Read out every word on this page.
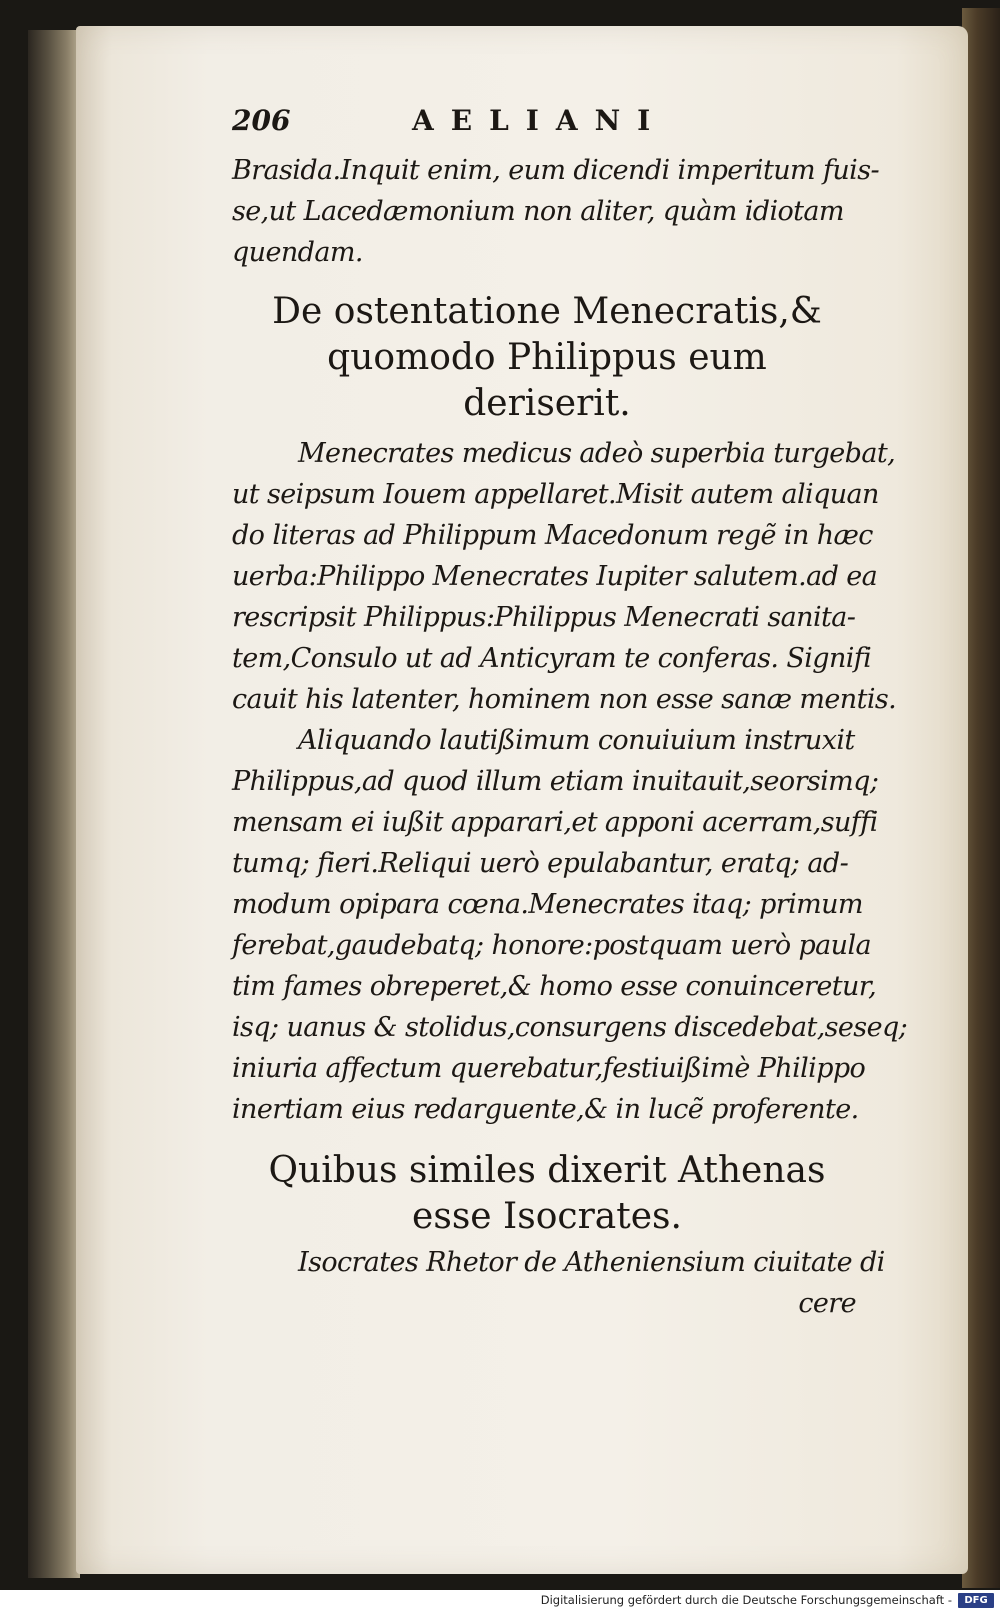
206	AELIANI
Brasida.Inquit enim, eum dicendi imperitum fuis-
se,ut Lacedæmonium non aliter, quàm idiotam
quendam.
De ostentatione Menecratis,&
quomodo Philippus eum
deriserit.
Menecrates medicus adeò superbia turgebat,
ut seipsum Iouem appellaret.Misit autem aliquan
do literas ad Philippum Macedonum regẽ in hæc
uerba:Philippo Menecrates Iupiter salutem.ad ea
rescripsit Philippus:Philippus Menecrati sanita-
tem,Consulo ut ad Anticyram te conferas. Signifi
cauit his latenter, hominem non esse sanæ mentis.
Aliquando lautißimum conuiuium instruxit
Philippus,ad quod illum etiam inuitauit,seorsimq;
mensam ei iußit apparari,et apponi acerram,suffi
tumq; fieri.Reliqui uerò epulabantur, eratq; ad-
modum opipara cœna.Menecrates itaq; primum
ferebat,gaudebatq; honore:postquam uerò paula
tim fames obreperet,& homo esse conuinceretur,
isq; uanus & stolidus,consurgens discedebat,seseq;
iniuria affectum querebatur,festiuißimè Philippo
inertiam eius redarguente,& in lucẽ proferente.
Quibus similes dixerit Athenas
esse Isocrates.
Isocrates Rhetor de Atheniensium ciuitate di
cere
Digitalisierung gefördert durch die Deutsche Forschungsgemeinschaft -	DFG
